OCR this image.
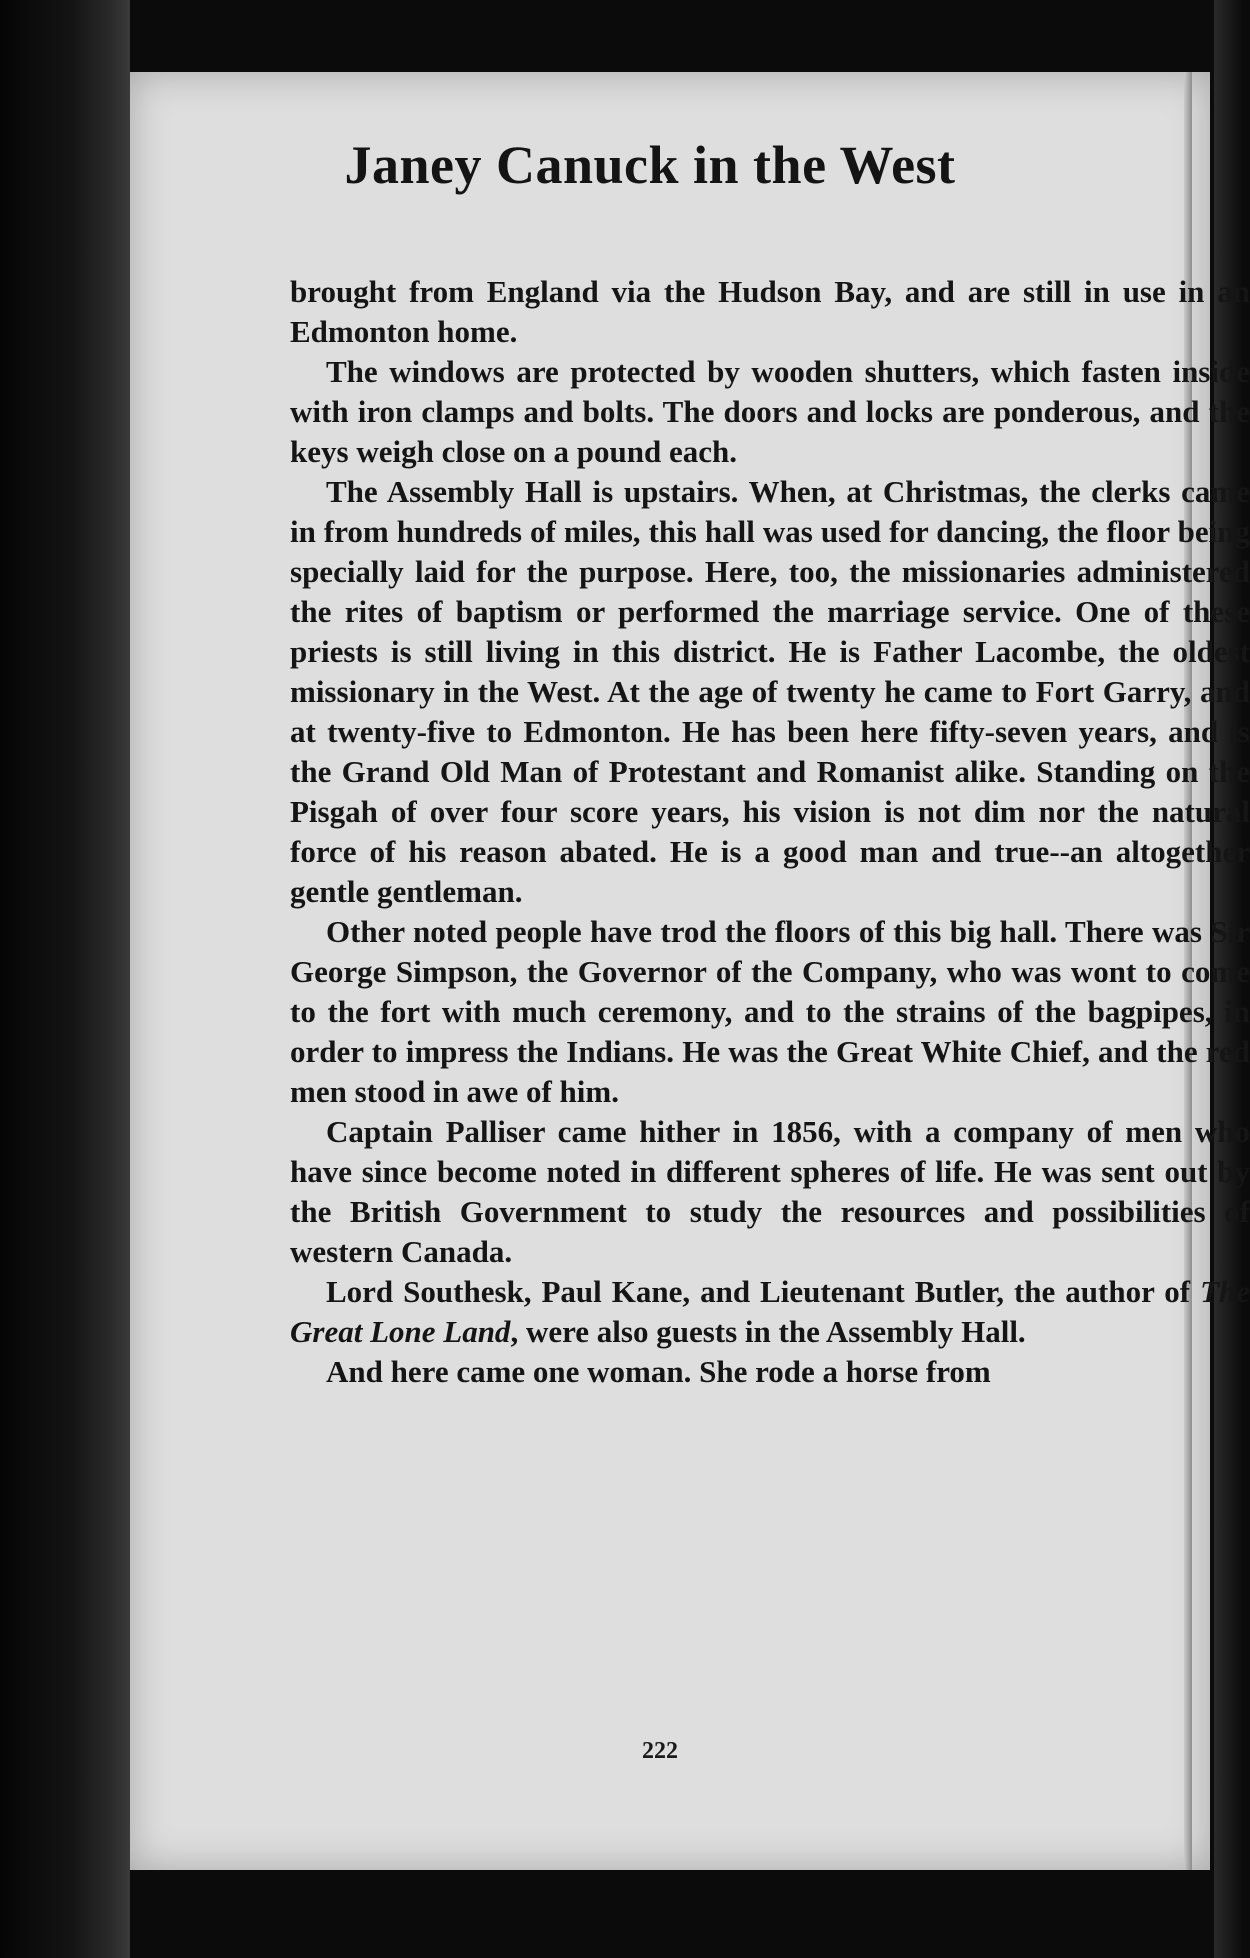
Janey Canuck in the West

brought from England via the Hudson Bay, and are still in use in an Edmonton home.

The windows are protected by wooden shutters, which fasten inside with iron clamps and bolts. The doors and locks are ponderous, and the keys weigh close on a pound each.

The Assembly Hall is upstairs. When, at Christmas, the clerks came in from hundreds of miles, this hall was used for dancing, the floor being specially laid for the purpose. Here, too, the missionaries administered the rites of baptism or performed the marriage service. One of these priests is still living in this district. He is Father Lacombe, the oldest missionary in the West. At the age of twenty he came to Fort Garry, and at twenty-five to Edmonton. He has been here fifty-seven years, and is the Grand Old Man of Protestant and Romanist alike. Standing on the Pisgah of over four score years, his vision is not dim nor the natural force of his reason abated. He is a good man and true--an altogether gentle gentleman.

Other noted people have trod the floors of this big hall. There was Sir George Simpson, the Governor of the Company, who was wont to come to the fort with much ceremony, and to the strains of the bagpipes, in order to impress the Indians. He was the Great White Chief, and the red men stood in awe of him.

Captain Palliser came hither in 1856, with a company of men who have since become noted in different spheres of life. He was sent out by the British Government to study the resources and possibilities of western Canada.

Lord Southesk, Paul Kane, and Lieutenant Butler, the author of The Great Lone Land, were also guests in the Assembly Hall.

And here came one woman. She rode a horse from

222
